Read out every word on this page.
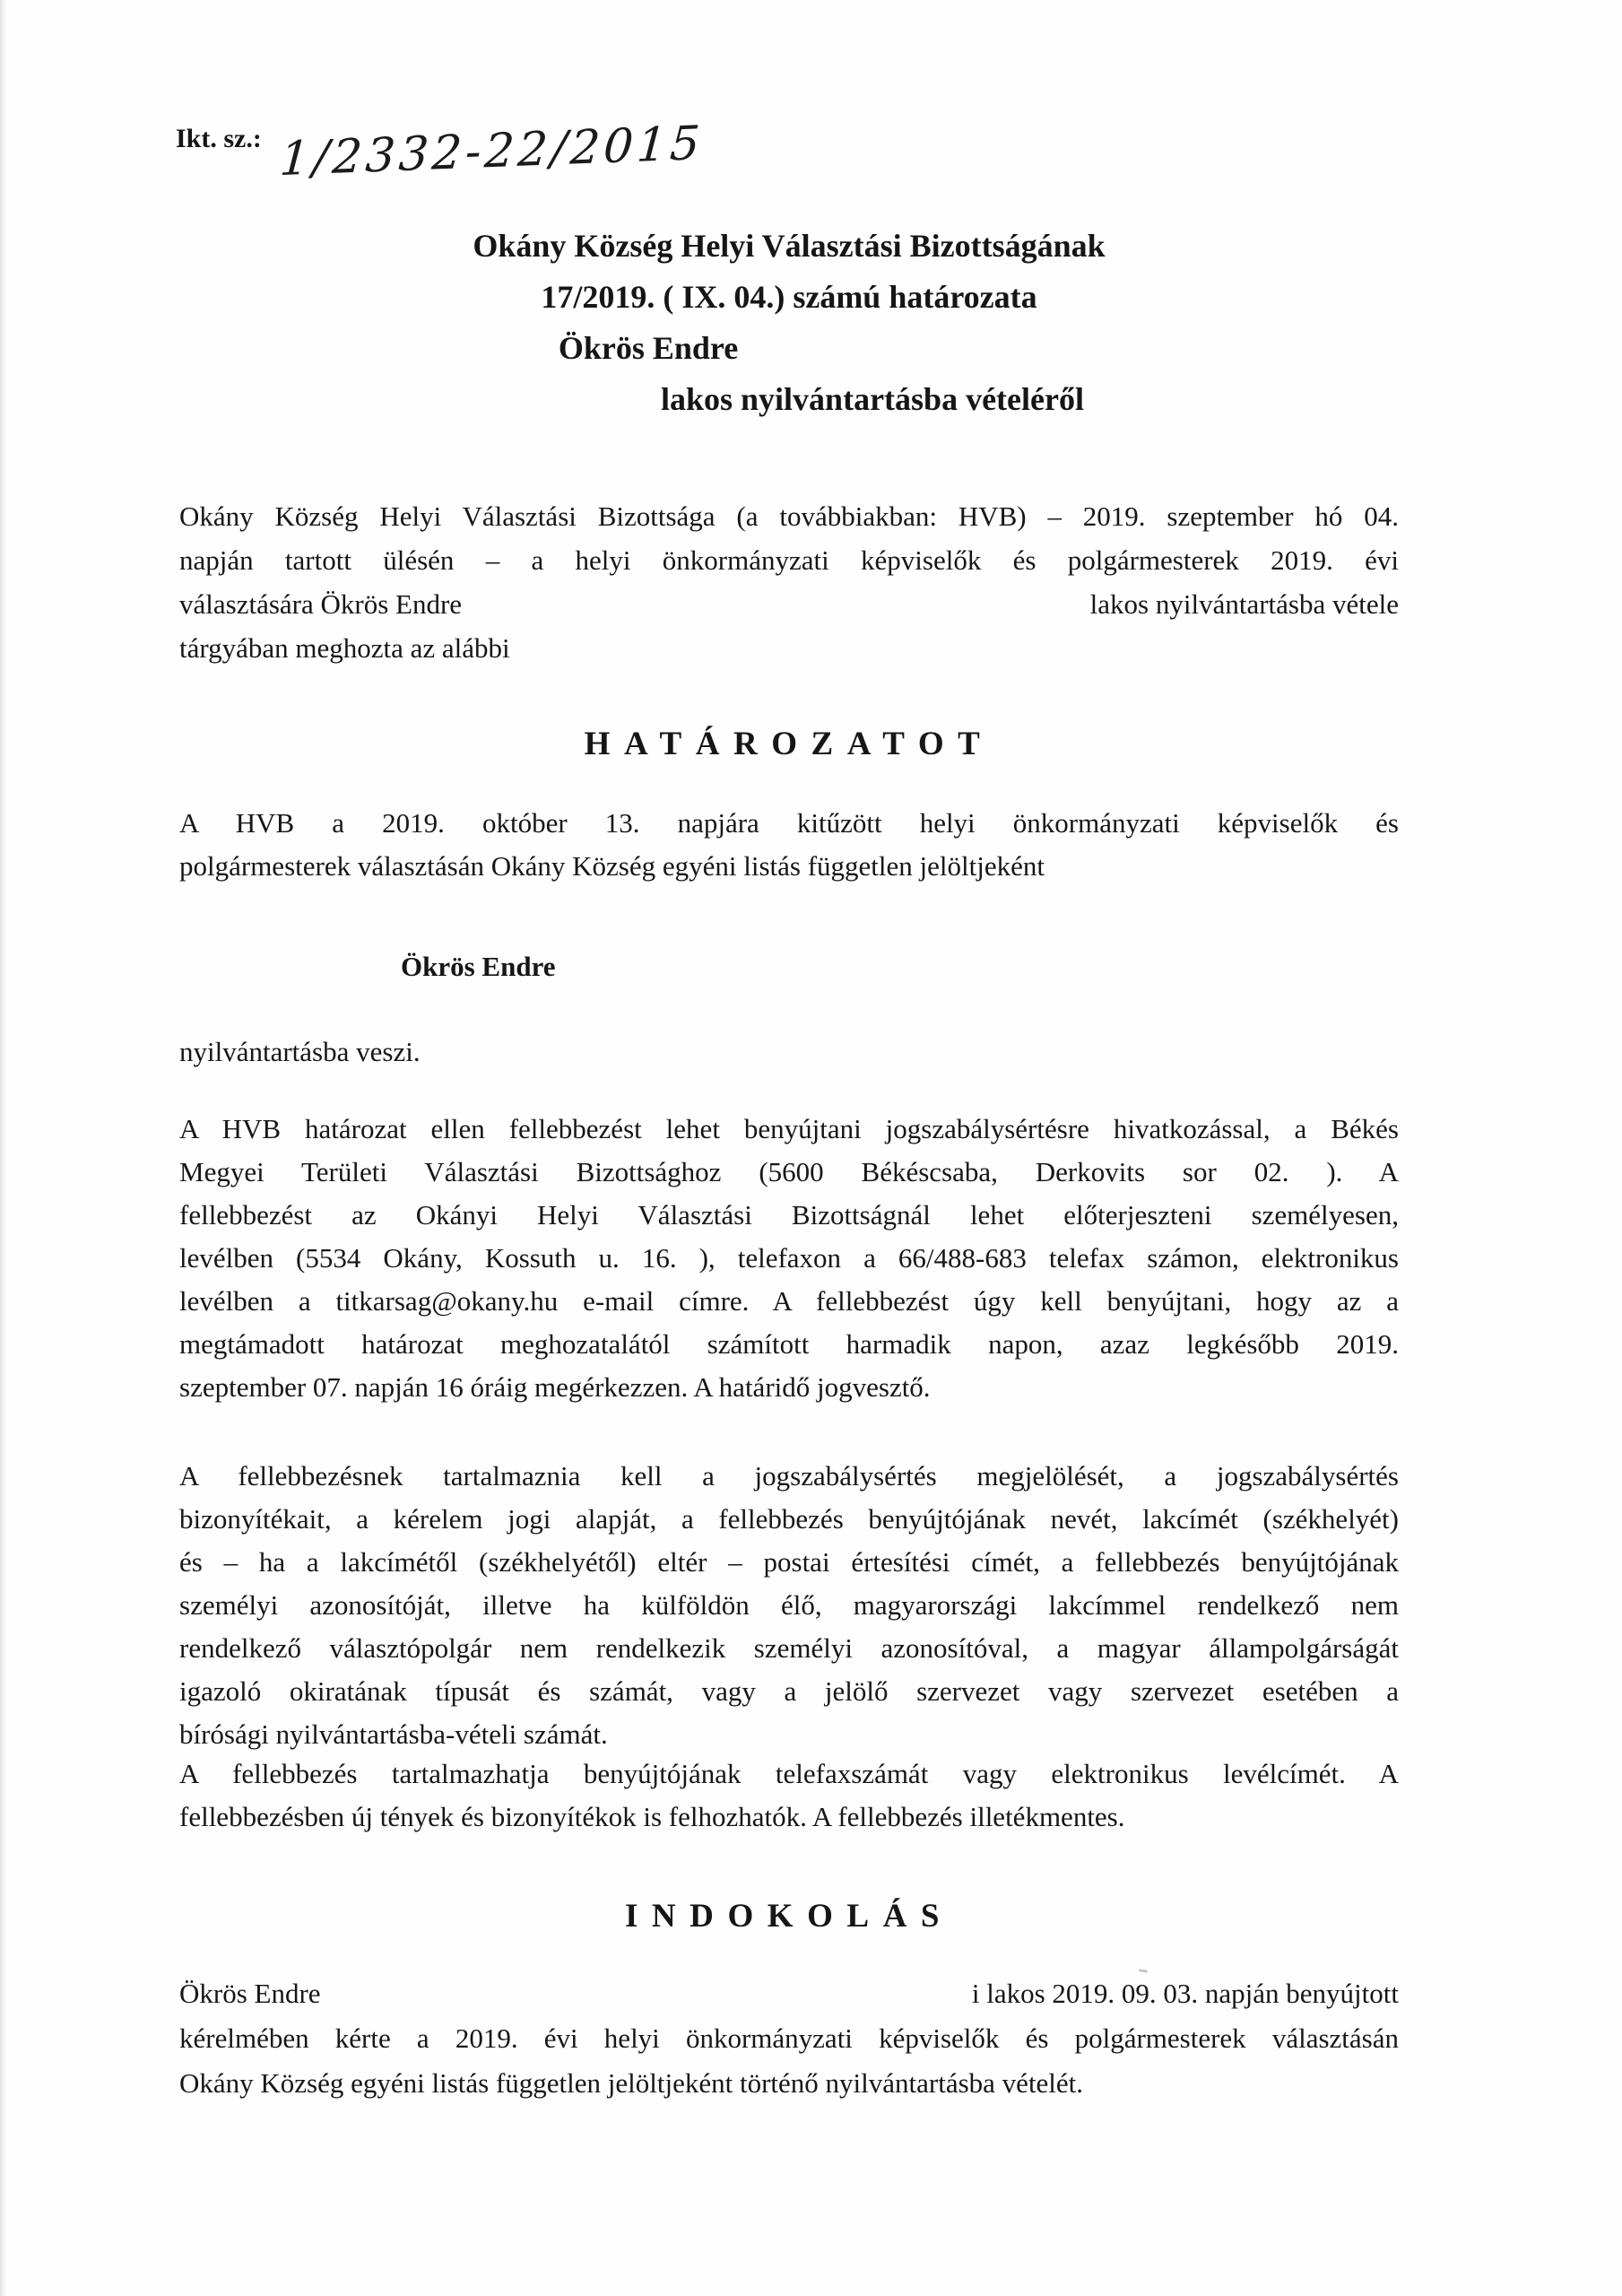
Ikt. sz.: 1/2332-22/2015
Okány Község Helyi Választási Bizottságának
17/2019. ( IX. 04.) számú határozata
Ökrös Endre
lakos nyilvántartásba vételéről
Okány Község Helyi Választási Bizottsága (a továbbiakban: HVB) – 2019. szeptember hó 04.
napján tartott ülésén – a helyi önkormányzati képviselők és polgármesterek 2019. évi
választására Ökrös Endre	lakos nyilvántartásba vétele
tárgyában meghozta az alábbi
HATÁROZATOT
A HVB a 2019. október 13. napjára kitűzött helyi önkormányzati képviselők és
polgármesterek választásán Okány Község egyéni listás független jelöltjeként
Ökrös Endre
nyilvántartásba veszi.
A HVB határozat ellen fellebbezést lehet benyújtani jogszabálysértésre hivatkozással, a Békés
Megyei Területi Választási Bizottsághoz (5600 Békéscsaba, Derkovits sor 02. ). A
fellebbezést az Okányi Helyi Választási Bizottságnál lehet előterjeszteni személyesen,
levélben (5534 Okány, Kossuth u. 16. ), telefaxon a 66/488-683 telefax számon, elektronikus
levélben a titkarsag@okany.hu e-mail címre. A fellebbezést úgy kell benyújtani, hogy az a
megtámadott határozat meghozatalától számított harmadik napon, azaz legkésőbb 2019.
szeptember 07. napján 16 óráig megérkezzen. A határidő jogvesztő.
A fellebbezésnek tartalmaznia kell a jogszabálysértés megjelölését, a jogszabálysértés
bizonyítékait, a kérelem jogi alapját, a fellebbezés benyújtójának nevét, lakcímét (székhelyét)
és – ha a lakcímétől (székhelyétől) eltér – postai értesítési címét, a fellebbezés benyújtójának
személyi azonosítóját, illetve ha külföldön élő, magyarországi lakcímmel rendelkező nem
rendelkező választópolgár nem rendelkezik személyi azonosítóval, a magyar állampolgárságát
igazoló okiratának típusát és számát, vagy a jelölő szervezet vagy szervezet esetében a
bírósági nyilvántartásba-vételi számát.
A fellebbezés tartalmazhatja benyújtójának telefaxszámát vagy elektronikus levélcímét. A
fellebbezésben új tények és bizonyítékok is felhozhatók. A fellebbezés illetékmentes.
INDOKOLÁS
Ökrös Endre	i lakos 2019. 09. 03. napján benyújtott
kérelmében kérte a 2019. évi helyi önkormányzati képviselők és polgármesterek választásán
Okány Község egyéni listás független jelöltjeként történő nyilvántartásba vételét.
